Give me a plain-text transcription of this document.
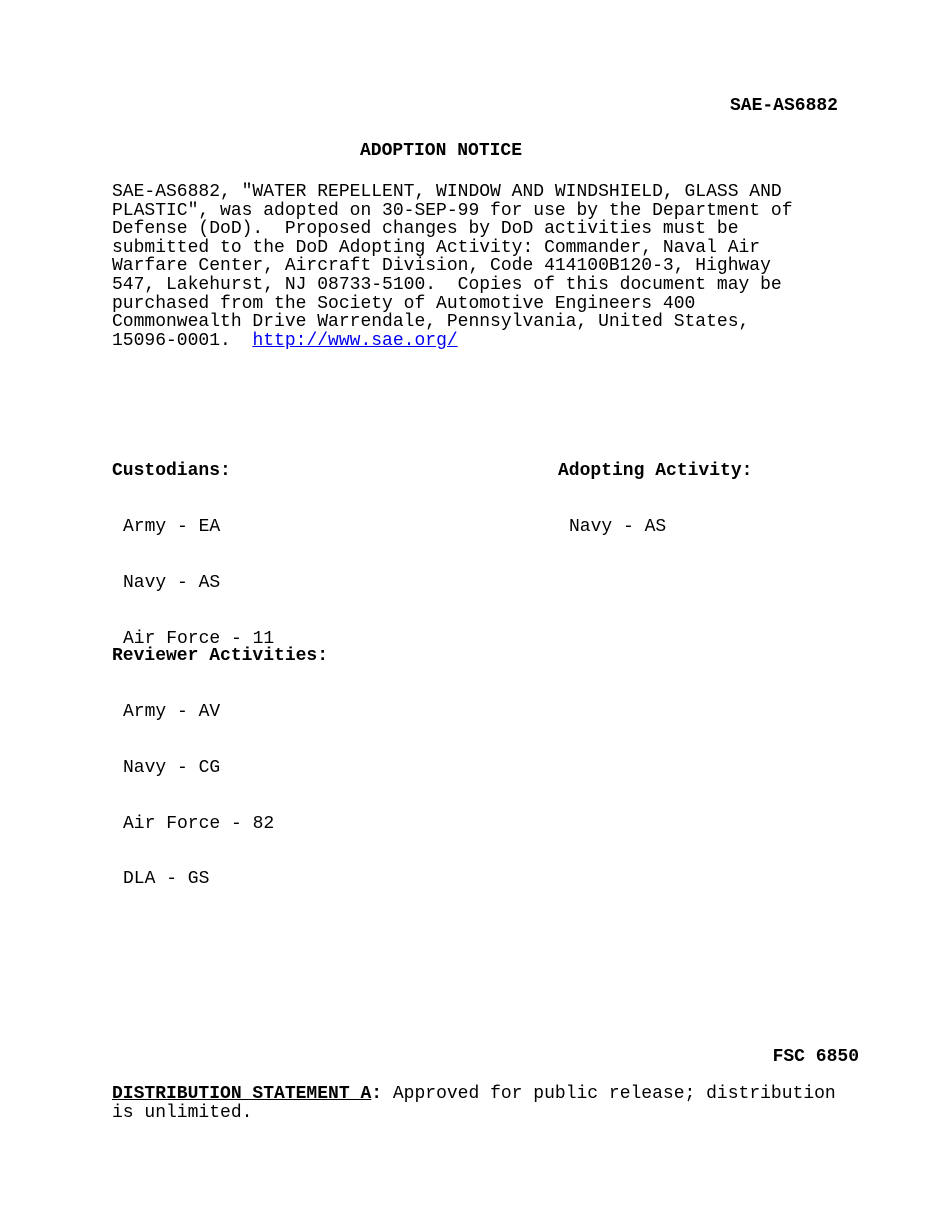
SAE-AS6882
ADOPTION NOTICE
SAE-AS6882, "WATER REPELLENT, WINDOW AND WINDSHIELD, GLASS AND
PLASTIC", was adopted on 30-SEP-99 for use by the Department of
Defense (DoD).  Proposed changes by DoD activities must be
submitted to the DoD Adopting Activity: Commander, Naval Air
Warfare Center, Aircraft Division, Code 414100B120-3, Highway
547, Lakehurst, NJ 08733-5100.  Copies of this document may be
purchased from the Society of Automotive Engineers 400
Commonwealth Drive Warrendale, Pennsylvania, United States,
15096-0001.  http://www.sae.org/

Custodians:

Army - EA

Navy - AS

Air Force - 11

Adopting Activity:

Navy - AS

Reviewer Activities:

Army - AV

Navy - CG

Air Force - 82

DLA - GS

FSC 6850
DISTRIBUTION STATEMENT A: Approved for public release; distribution
is unlimited.
